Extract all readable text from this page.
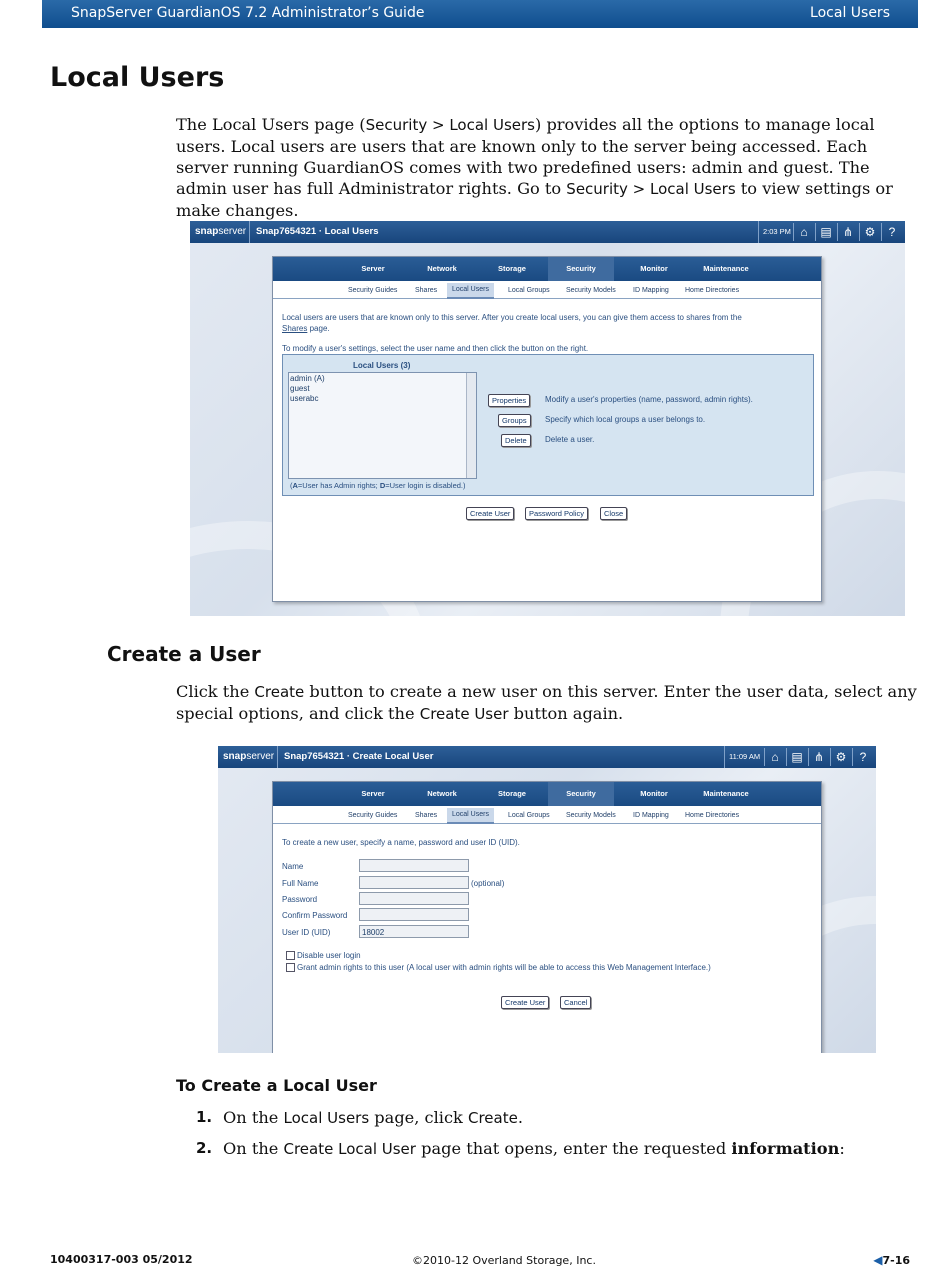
SnapServer GuardianOS 7.2 Administrator’s Guide	Local Users
Local Users

The Local Users page (Security > Local Users) provides all the options to manage local users. Local users are users that are known only to the server being accessed. Each server running GuardianOS comes with two predefined users: admin and guest. The admin user has full Administrator rights. Go to Security > Local Users to view settings or make changes.

snapserver	Snap7654321 · Local Users	2:03 PM ⌂	▤ ⋔ ⚙	?
Server	Network	Storage	Security	Monitor	Maintenance
Security Guides	Shares	Local Users	Local Groups Security Models ID Mapping Home Directories
Local users are users that are known only to this server. After you create local users, you can give them access to shares from the
Shares page.
To modify a user's settings, select the user name and then click the button on the right.
Local Users (3)
admin (A)
guest
userabc
(A=User has Admin rights; D=User login is disabled.)
Properties	Modify a user's properties (name, password, admin rights).
Groups	Specify which local groups a user belongs to.
Delete	Delete a user.
Create User	Password Policy	Close
Create a User

Click the Create button to create a new user on this server. Enter the user data, select any special options, and click the Create User button again.

snapserver	Snap7654321 · Create Local User	11:09 AM ⌂	▤ ⋔ ⚙	?
Server	Network	Storage	Security	Monitor	Maintenance
Security Guides	Shares	Local Users	Local Groups Security Models ID Mapping Home Directories
To create a new user, specify a name, password and user ID (UID).
Name
Full Name	(optional)
Password
Confirm Password
User ID (UID)	18002
Disable user login
Grant admin rights to this user (A local user with admin rights will be able to access this Web Management Interface.)
Create User	Cancel
To Create a Local User
1. On the Local Users page, click Create.
2. On the Create Local User page that opens, enter the requested information:
10400317-003 05/2012	©2010-12 Overland Storage, Inc.	◀7-16
